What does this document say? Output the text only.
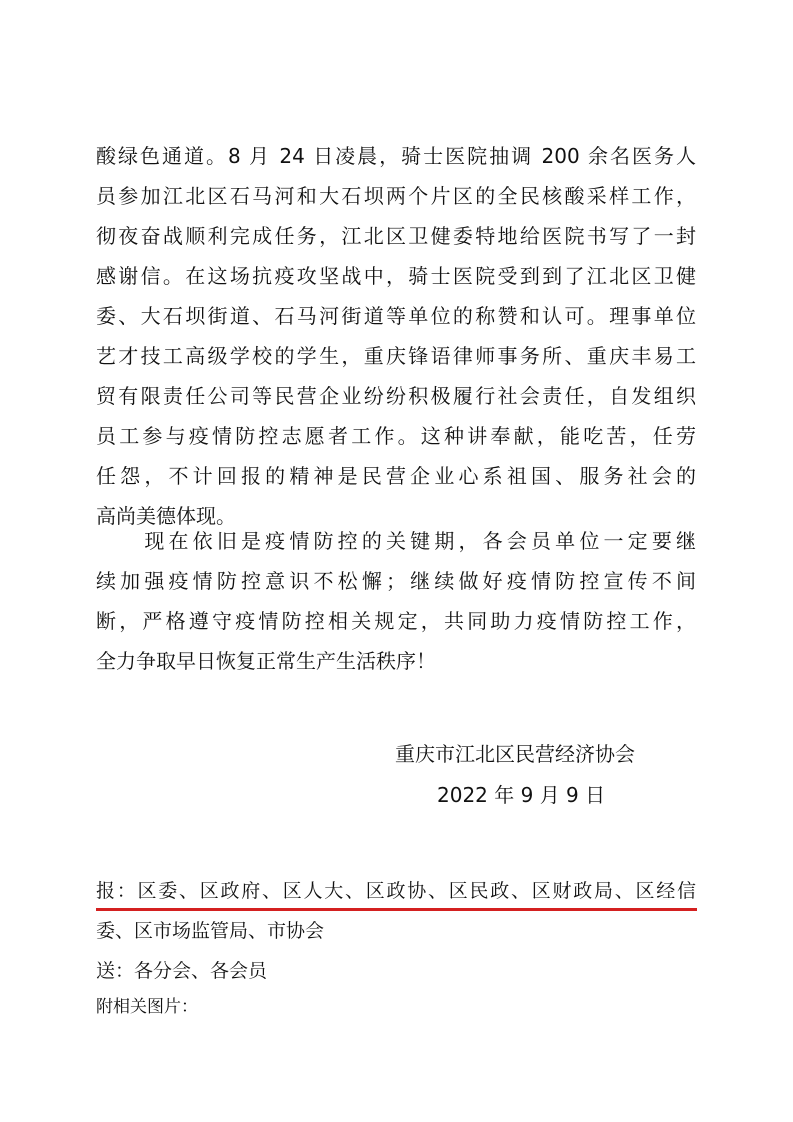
酸绿色通道。8 月 24 日凌晨，骑士医院抽调 200 余名医务人
员参加江北区石马河和大石坝两个片区的全民核酸采样工作，
彻夜奋战顺利完成任务，江北区卫健委特地给医院书写了一封
感谢信。在这场抗疫攻坚战中，骑士医院受到到了江北区卫健
委、大石坝街道、石马河街道等单位的称赞和认可。理事单位
艺才技工高级学校的学生，重庆锋语律师事务所、重庆丰易工
贸有限责任公司等民营企业纷纷积极履行社会责任，自发组织
员工参与疫情防控志愿者工作。这种讲奉献，能吃苦，任劳
任怨，不计回报的精神是民营企业心系祖国、服务社会的
高尚美德体现。
　　现在依旧是疫情防控的关键期，各会员单位一定要继
续加强疫情防控意识不松懈；继续做好疫情防控宣传不间
断，严格遵守疫情防控相关规定，共同助力疫情防控工作，
全力争取早日恢复正常生产生活秩序！
重庆市江北区民营经济协会
2022 年 9 月 9 日
报：区委、区政府、区人大、区政协、区民政、区财政局、区经信
委、区市场监管局、市协会
送：各分会、各会员
附相关图片：
